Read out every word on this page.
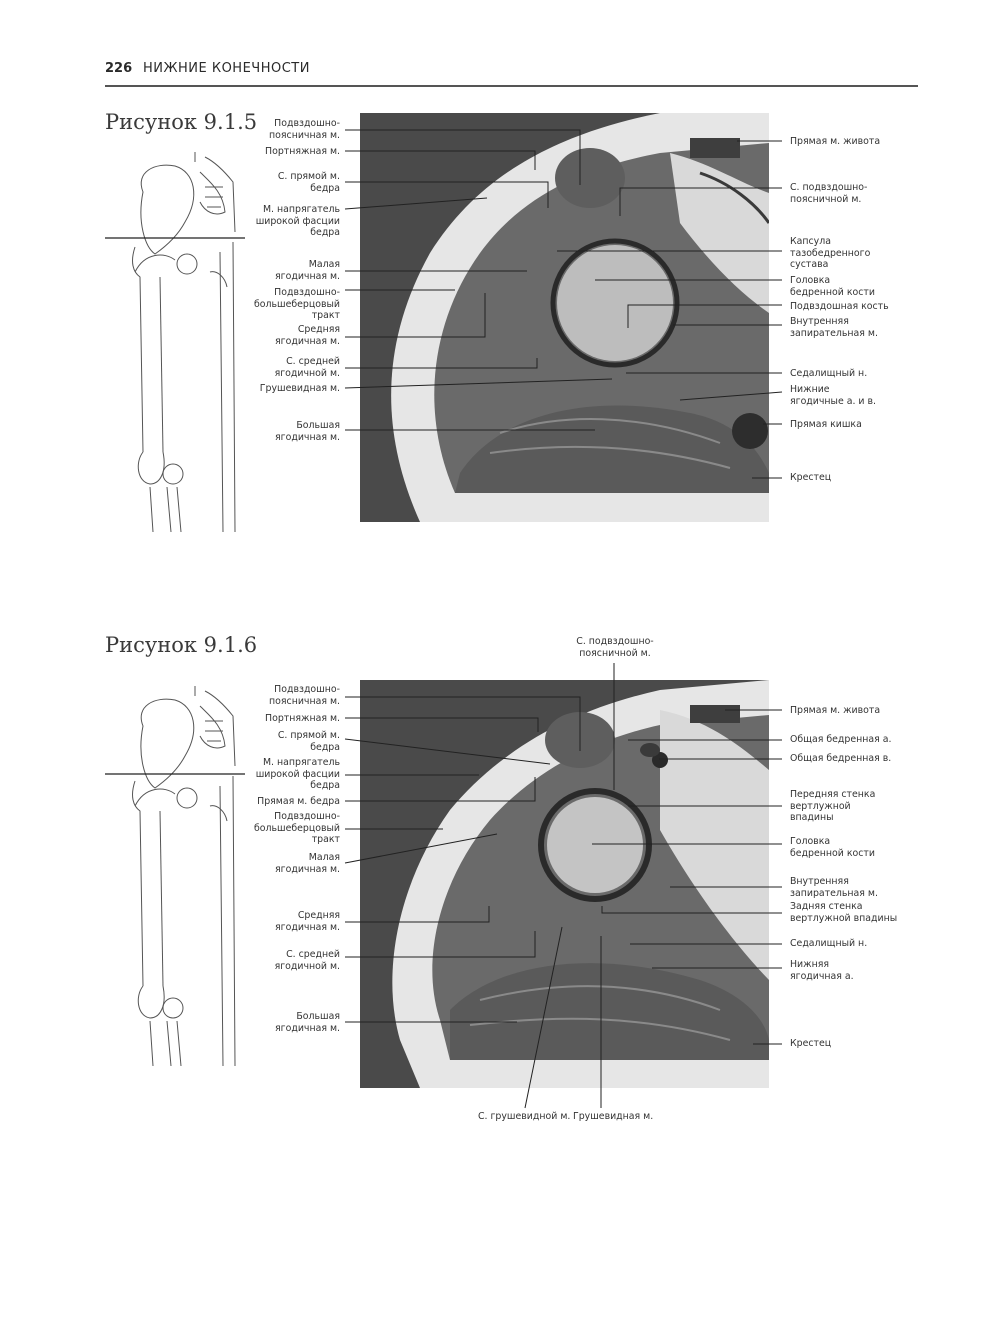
226 НИЖНИЕ КОНЕЧНОСТИ
Рисунок 9.1.5	Подвздошно-
поясничная м.
Портняжная м.
С. прямой м.
бедра
М. напрягатель
широкой фасции
бедра
Малая
ягодичная м.
Подвздошно-
большеберцовый
тракт
Средняя
ягодичная м.
С. средней
ягодичной м.
Грушевидная м.
Большая
ягодичная м.
Прямая м. живота
С. подвздошно-
поясничной м.
Капсула
тазобедренного
сустава
Головка
бедренной кости
Подвздошная кость
Внутренняя
запирательная м.
Седалищный н.
Нижние
ягодичные а. и в.
Прямая кишка
Крестец
Рисунок 9.1.6	С. подвздошно-
поясничной м.
Подвздошно-
поясничная м.
Портняжная м.
С. прямой м.
бедра
М. напрягатель
широкой фасции
бедра
Прямая м. бедра
Подвздошно-
большеберцовый
тракт
Малая
ягодичная м.
Средняя
ягодичная м.
С. средней
ягодичной м.
Большая
ягодичная м.
Прямая м. живота
Общая бедренная а.
Общая бедренная в.
Передняя стенка
вертлужной
впадины
Головка
бедренной кости
Внутренняя
запирательная м.
Задняя стенка
вертлужной впадины
Седалищный н.
Нижняя
ягодичная а.
Крестец
С. грушевидной м. Грушевидная м.
